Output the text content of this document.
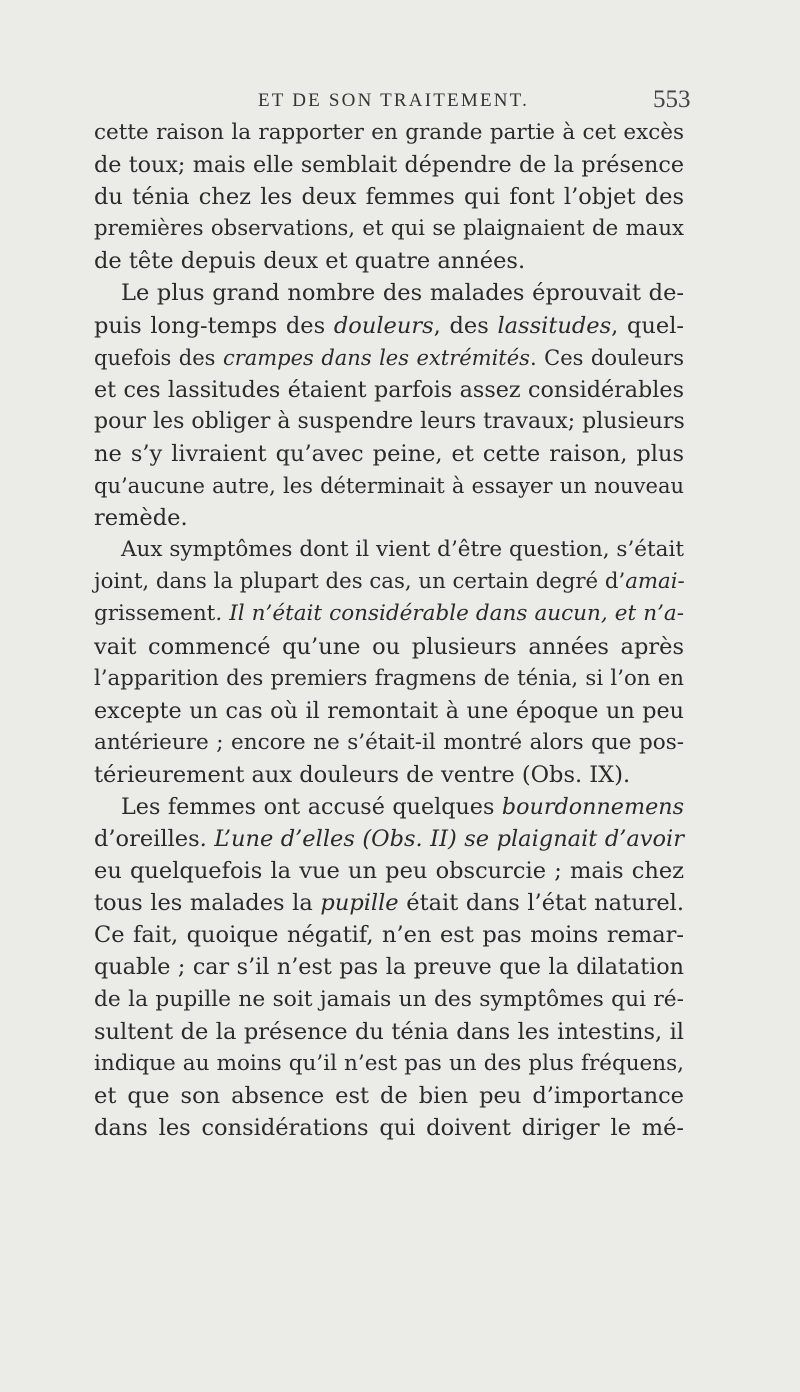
ET DE SON TRAITEMENT.	553
cette raison la rapporter en grande partie à cet excès
de toux; mais elle semblait dépendre de la présence
du ténia chez les deux femmes qui font l’objet des
premières observations, et qui se plaignaient de maux
de tête depuis deux et quatre années.
Le plus grand nombre des malades éprouvait de-
puis long-temps des douleurs, des lassitudes, quel-
quefois des crampes dans les extrémités. Ces douleurs
et ces lassitudes étaient parfois assez considérables
pour les obliger à suspendre leurs travaux; plusieurs
ne s’y livraient qu’avec peine, et cette raison, plus
qu’aucune autre, les déterminait à essayer un nouveau
remède.
Aux symptômes dont il vient d’être question, s’était
joint, dans la plupart des cas, un certain degré d’amai-
grissement. Il n’était considérable dans aucun, et n’a-
vait commencé qu’une ou plusieurs années après
l’apparition des premiers fragmens de ténia, si l’on en
excepte un cas où il remontait à une époque un peu
antérieure ; encore ne s’était-il montré alors que pos-
térieurement aux douleurs de ventre (Obs. IX).
Les femmes ont accusé quelques bourdonnemens
d’oreilles. L’une d’elles (Obs. II) se plaignait d’avoir
eu quelquefois la vue un peu obscurcie ; mais chez
tous les malades la pupille était dans l’état naturel.
Ce fait, quoique négatif, n’en est pas moins remar-
quable ; car s’il n’est pas la preuve que la dilatation
de la pupille ne soit jamais un des symptômes qui ré-
sultent de la présence du ténia dans les intestins, il
indique au moins qu’il n’est pas un des plus fréquens,
et que son absence est de bien peu d’importance
dans les considérations qui doivent diriger le mé-
